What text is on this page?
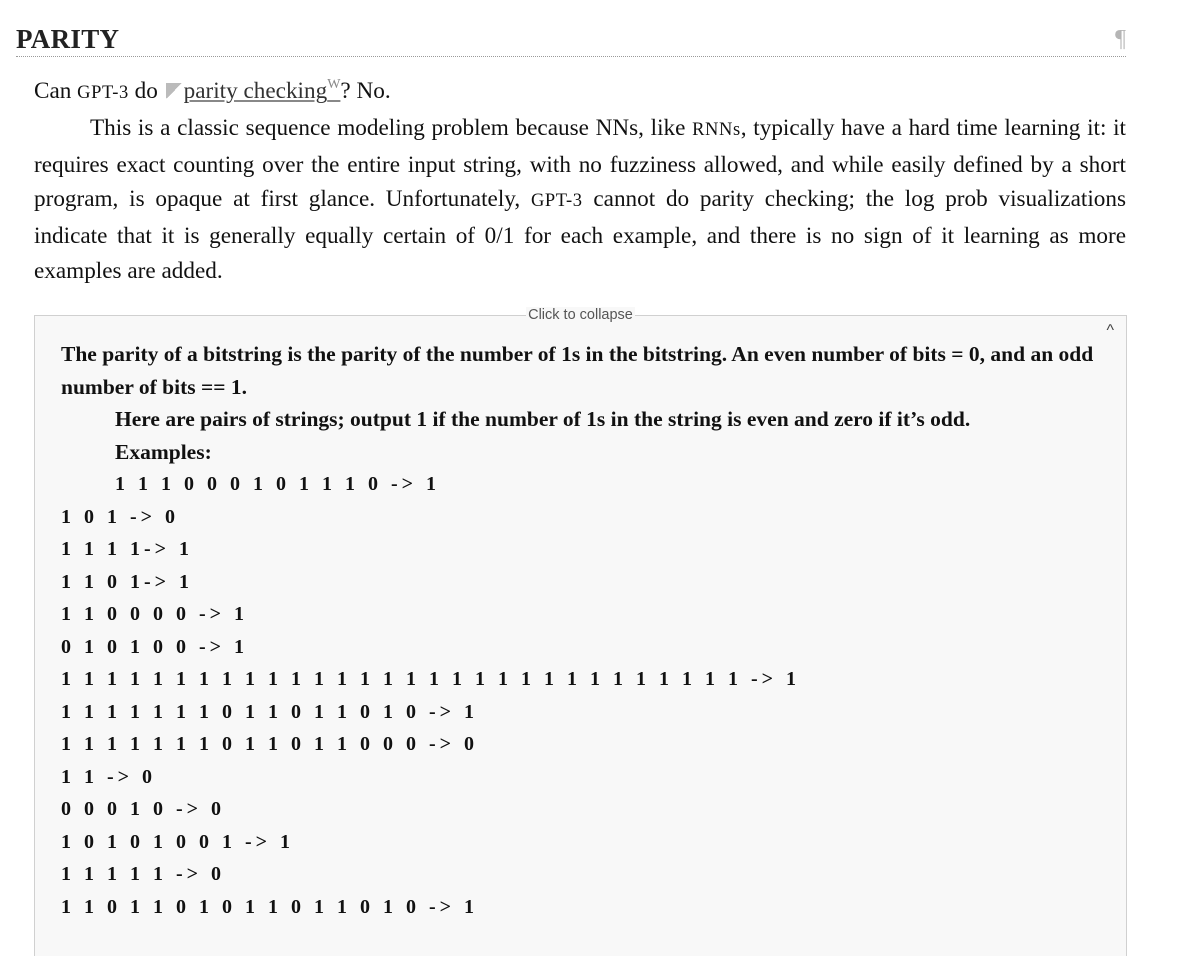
PARITY	¶

Can GPT-3 do parity checking$^W$? No.

This is a classic sequence modeling problem because NNs, like RNNs, typically have a hard time learning it: it requires exact counting over the entire input string, with no fuzziness allowed, and while easily defined by a short program, is opaque at first glance. Unfortunately, GPT-3 cannot do parity checking; the log prob visualizations indicate that it is generally equally certain of 0/1 for each example, and there is no sign of it learning as more examples are added.

Click to collapse
^

The parity of a bitstring is the parity of the number of 1s in the bitstring. An even number of bits = 0, and an odd number of bits == 1.

Here are pairs of strings; output 1 if the number of 1s in the string is even and zero if it’s odd.

Examples:

1 1 1 0 0 0 1 0 1 1 1 0 -> 1
1 0 1 -> 0
1 1 1 1-> 1
1 1 0 1-> 1
1 1 0 0 0 0 -> 1
0 1 0 1 0 0 -> 1
1 1 1 1 1 1 1 1 1 1 1 1 1 1 1 1 1 1 1 1 1 1 1 1 1 1 1 1 1 1 -> 1
1 1 1 1 1 1 1 0 1 1 0 1 1 0 1 0 -> 1
1 1 1 1 1 1 1 0 1 1 0 1 1 0 0 0 -> 0
1 1 -> 0
0 0 0 1 0 -> 0
1 0 1 0 1 0 0 1 -> 1
1 1 1 1 1 -> 0
1 1 0 1 1 0 1 0 1 1 0 1 1 0 1 0 -> 1
